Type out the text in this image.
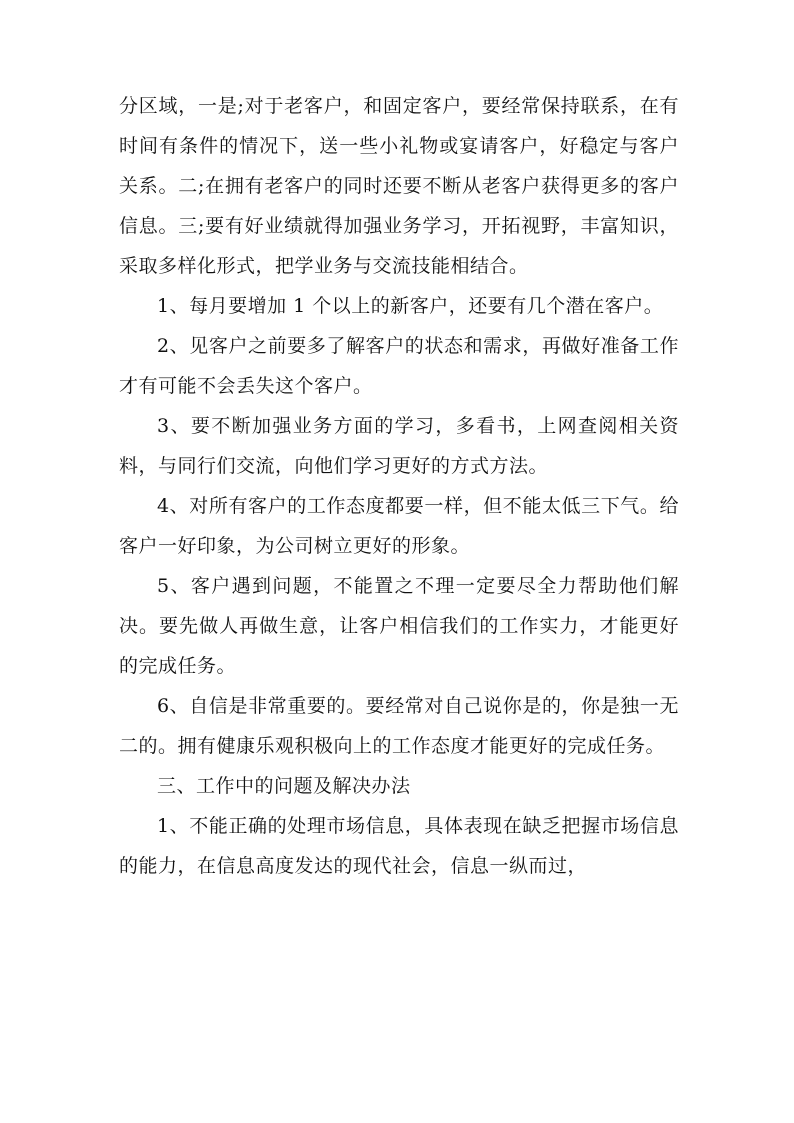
分区域，一是;对于老客户，和固定客户，要经常保持联系，在有时间有条件的情况下，送一些小礼物或宴请客户，好稳定与客户关系。二;在拥有老客户的同时还要不断从老客户获得更多的客户信息。三;要有好业绩就得加强业务学习，开拓视野，丰富知识，采取多样化形式，把学业务与交流技能相结合。

1、每月要增加 1 个以上的新客户，还要有几个潜在客户。

2、见客户之前要多了解客户的状态和需求，再做好准备工作才有可能不会丢失这个客户。

3、要不断加强业务方面的学习，多看书，上网查阅相关资料，与同行们交流，向他们学习更好的方式方法。

4、对所有客户的工作态度都要一样，但不能太低三下气。给客户一好印象，为公司树立更好的形象。

5、客户遇到问题，不能置之不理一定要尽全力帮助他们解决。要先做人再做生意，让客户相信我们的工作实力，才能更好的完成任务。

6、自信是非常重要的。要经常对自己说你是的，你是独一无二的。拥有健康乐观积极向上的工作态度才能更好的完成任务。

三、工作中的问题及解决办法

1、不能正确的处理市场信息，具体表现在缺乏把握市场信息的能力，在信息高度发达的现代社会，信息一纵而过，
